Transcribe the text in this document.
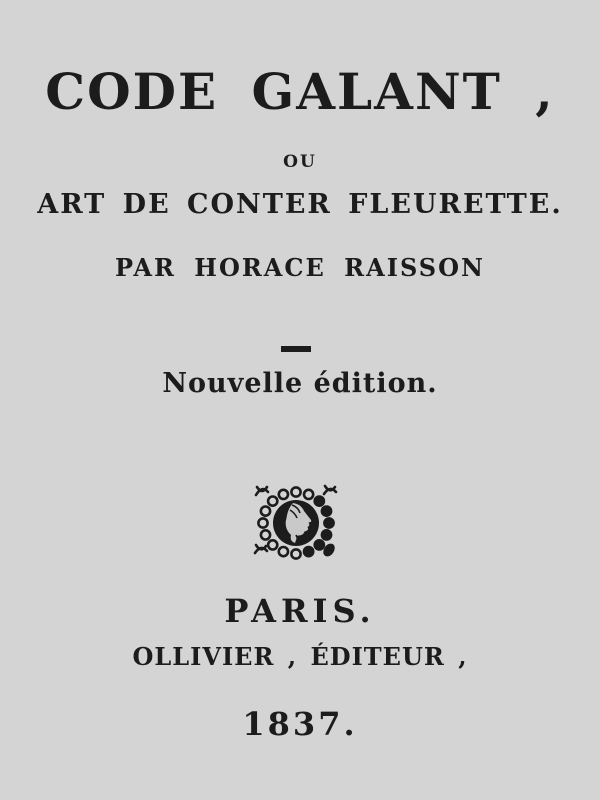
CODE GALANT ,
OU
ART DE CONTER FLEURETTE.
PAR HORACE RAISSON
Nouvelle édition.
PARIS.
OLLIVIER , ÉDITEUR ,
1837.
